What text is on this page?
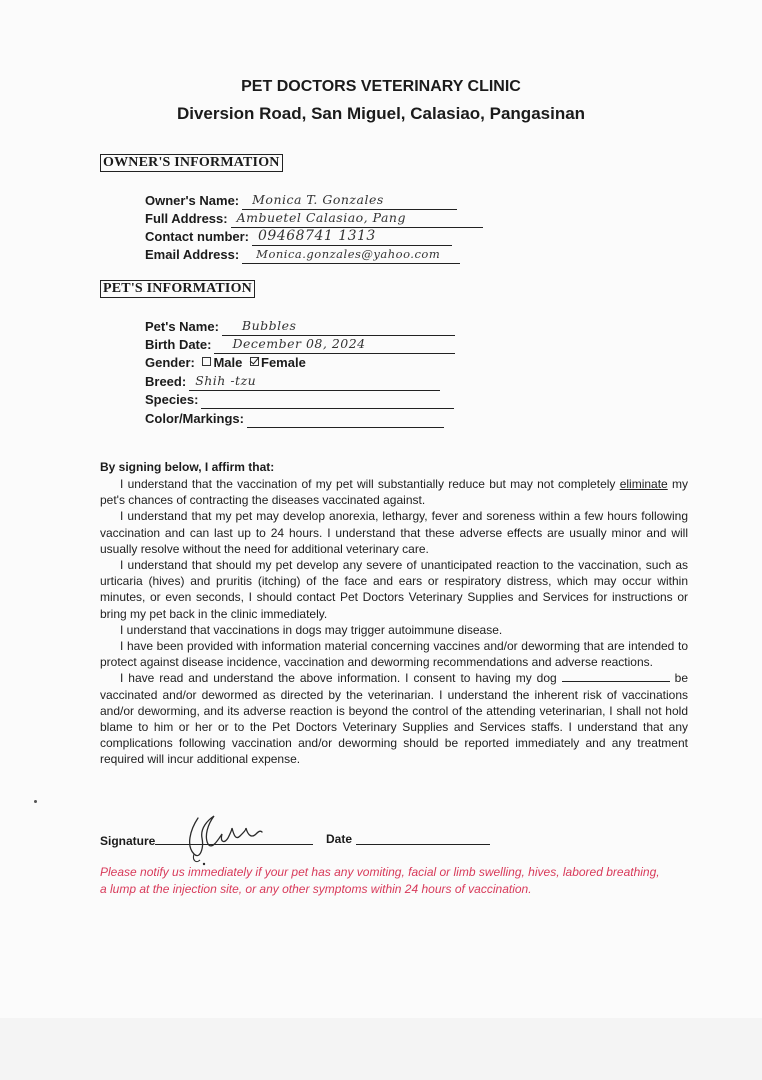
PET DOCTORS VETERINARY CLINIC
Diversion Road, San Miguel, Calasiao, Pangasinan
OWNER'S INFORMATION
Owner's Name: Monica T. Gonzales
Full Address: Ambuetel Calasiao, Pang
Contact number: 09468741 1313
Email Address: Monica.gonzales@yahoo.com
PET'S INFORMATION
Pet's Name: Bubbles
Birth Date: December 08, 2024
Gender: Male Female
Breed: Shih -tzu
Species:
Color/Markings:
By signing below, I affirm that:

I understand that the vaccination of my pet will substantially reduce but may not completely eliminate my pet's chances of contracting the diseases vaccinated against.

I understand that my pet may develop anorexia, lethargy, fever and soreness within a few hours following vaccination and can last up to 24 hours. I understand that these adverse effects are usually minor and will usually resolve without the need for additional veterinary care.

I understand that should my pet develop any severe of unanticipated reaction to the vaccination, such as urticaria (hives) and pruritis (itching) of the face and ears or respiratory distress, which may occur within minutes, or even seconds, I should contact Pet Doctors Veterinary Supplies and Services for instructions or bring my pet back in the clinic immediately.

I understand that vaccinations in dogs may trigger autoimmune disease.

I have been provided with information material concerning vaccines and/or deworming that are intended to protect against disease incidence, vaccination and deworming recommendations and adverse reactions.

I have read and understand the above information. I consent to having my dog	be vaccinated and/or dewormed as directed by the veterinarian. I understand the inherent risk of vaccinations and/or deworming, and its adverse reaction is beyond the control of the attending veterinarian, I shall not hold blame to him or her or to the Pet Doctors Veterinary Supplies and Services staffs. I understand that any complications following vaccination and/or deworming should be reported immediately and any treatment required will incur additional expense.

Signature	Date
Please notify us immediately if your pet has any vomiting, facial or limb swelling, hives, labored breathing, a lump at the injection site, or any other symptoms within 24 hours of vaccination.
